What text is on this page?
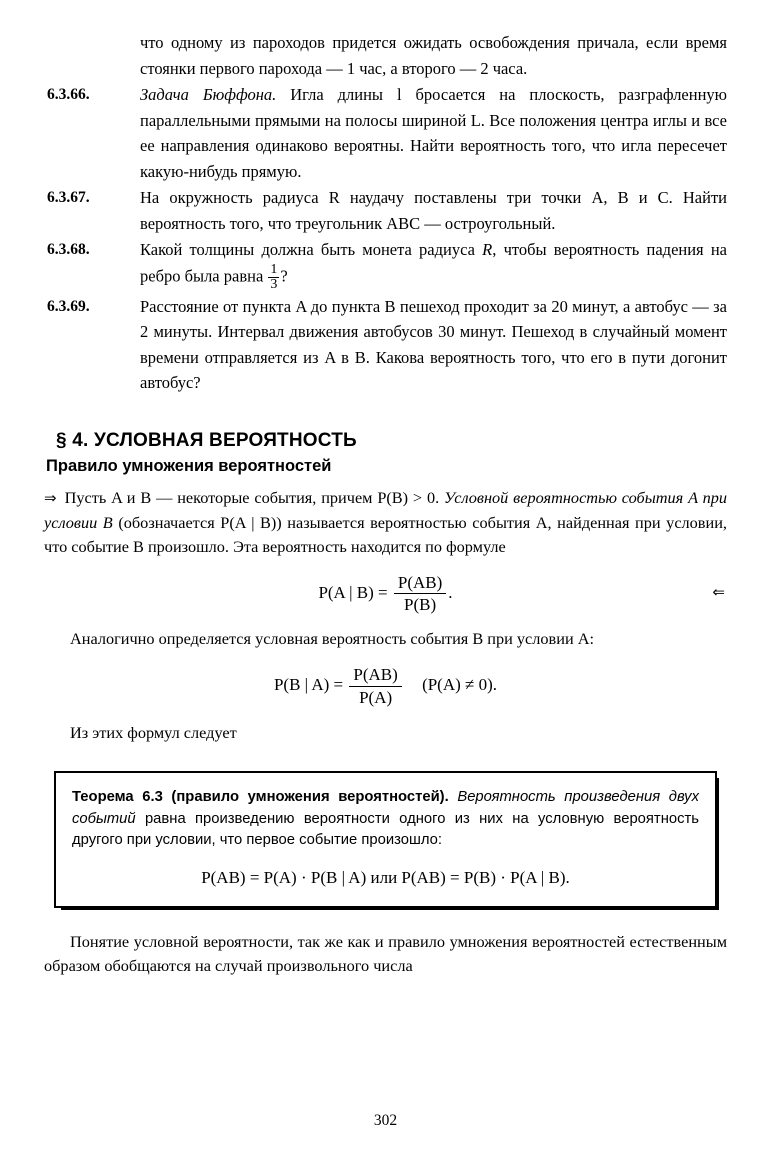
что одному из пароходов придется ожидать освобождения причала, если время стоянки первого парохода — 1 час, а второго — 2 часа.
6.3.66.	Задача Бюффона. Игла длины l бросается на плоскость, разграфленную параллельными прямыми на полосы шириной L. Все положения центра иглы и все ее направления одинаково вероятны. Найти вероятность того, что игла пересечет какую-нибудь прямую.
6.3.67.	На окружность радиуса R наудачу поставлены три точки A, B и C. Найти вероятность того, что треугольник ABC — остроугольный.
6.3.68.	Какой толщины должна быть монета радиуса R, чтобы вероятность падения на ребро была равна $\frac{1}{3}$ ?
6.3.69.	Расстояние от пункта A до пункта B пешеход проходит за 20 минут, а автобус — за 2 минуты. Интервал движения автобусов 30 минут. Пешеход в случайный момент времени отправляется из A в B. Какова вероятность того, что его в пути догонит автобус?
§ 4. УСЛОВНАЯ ВЕРОЯТНОСТЬ
Правило умножения вероятностей
⇒ Пусть A и B — некоторые события, причем P(B) > 0. Условной вероятностью события A при условии B (обозначается P(A | B)) называется вероятностью события A, найденная при условии, что событие B произошло. Эта вероятность находится по формуле
P(A | $B) = \frac{P(AB)}{P(B)}$ .	⇐
Аналогично определяется условная вероятность события B при условии A:
P(B | $A) = \frac{P(AB)}{P(A)} (P(A) \ne 0)$.
Из этих формул следует
Теорема 6.3 (правило умножения вероятностей). Вероятность произведения двух событий равна произведению вероятности одного из них на условную вероятность другого при условии, что первое событие произошло:
P(AB) = P(A) · P(B | A) или P(AB) = P(B) · P(A | B).
Понятие условной вероятности, так же как и правило умножения вероятностей естественным образом обобщаются на случай произвольного числа
302
